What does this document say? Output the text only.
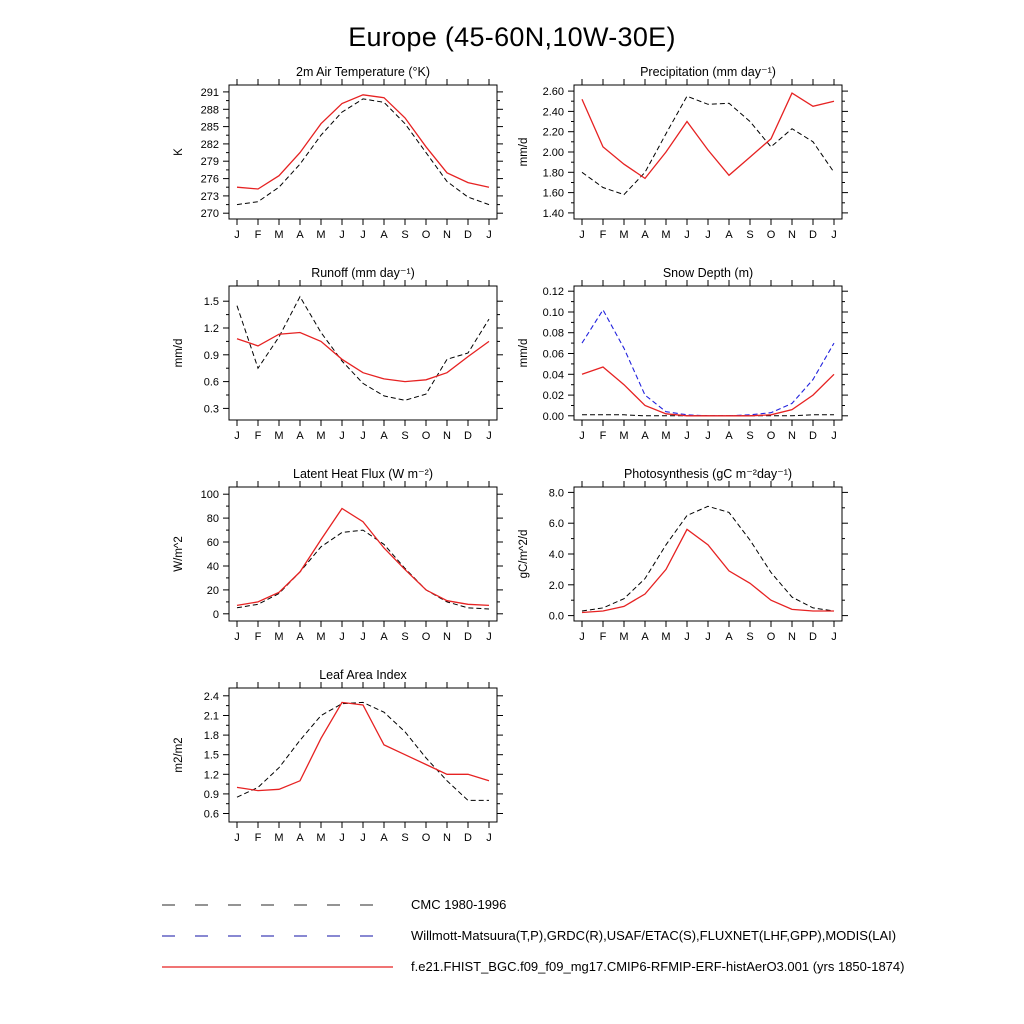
Europe (45-60N,10W-30E)
2m Air Temperature (°K)
K
270
273
276
279
282
285
288
291
J F M A M J J A S O N D J
Precipitation (mm day⁻¹)
mm/d
1.40
1.60
1.80
2.00
2.20
2.40
2.60
J F M A M J J A S O N D J
Runoff (mm day⁻¹)
mm/d
0.3
0.6
0.9
1.2
1.5
J F M A M J J A S O N D J
Snow Depth (m)
mm/d
0.00
0.02
0.04
0.06
0.08
0.10
0.12
J F M A M J J A S O N D J
Latent Heat Flux (W m⁻²)
W/m^2
0
20
40
60
80
100
J F M A M J J A S O N D J
Photosynthesis (gC m⁻²day⁻¹)
gC/m^2/d
0.0
2.0
4.0
6.0
8.0
J F M A M J J A S O N D J
Leaf Area Index
m2/m2
0.6
0.9
1.2
1.5
1.8
2.1
2.4
J F M A M J J A S O N D J
CMC 1980-1996
Willmott-Matsuura(T,P),GRDC(R),USAF/ETAC(S),FLUXNET(LHF,GPP),MODIS(LAI)
f.e21.FHIST_BGC.f09_f09_mg17.CMIP6-RFMIP-ERF-histAerO3.001 (yrs 1850-1874)
